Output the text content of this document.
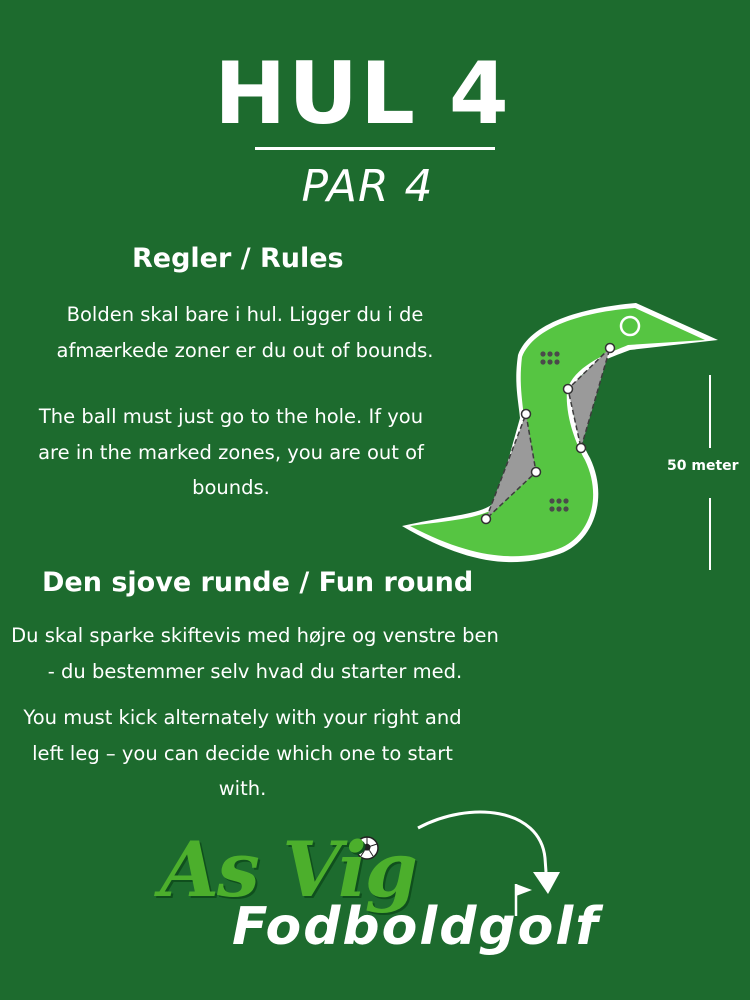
HUL 4
PAR 4
Regler / Rules
Bolden skal bare i hul. Ligger du i de afmærkede zoner er du out of bounds.
The ball must just go to the hole. If you are in the marked zones, you are out of bounds.
Den sjove runde / Fun round
Du skal sparke skiftevis med højre og venstre ben - du bestemmer selv hvad du starter med.
You must kick alternately with your right and left leg – you can decide which one to start with.
50 meter
As Vig
Fodboldgolf
